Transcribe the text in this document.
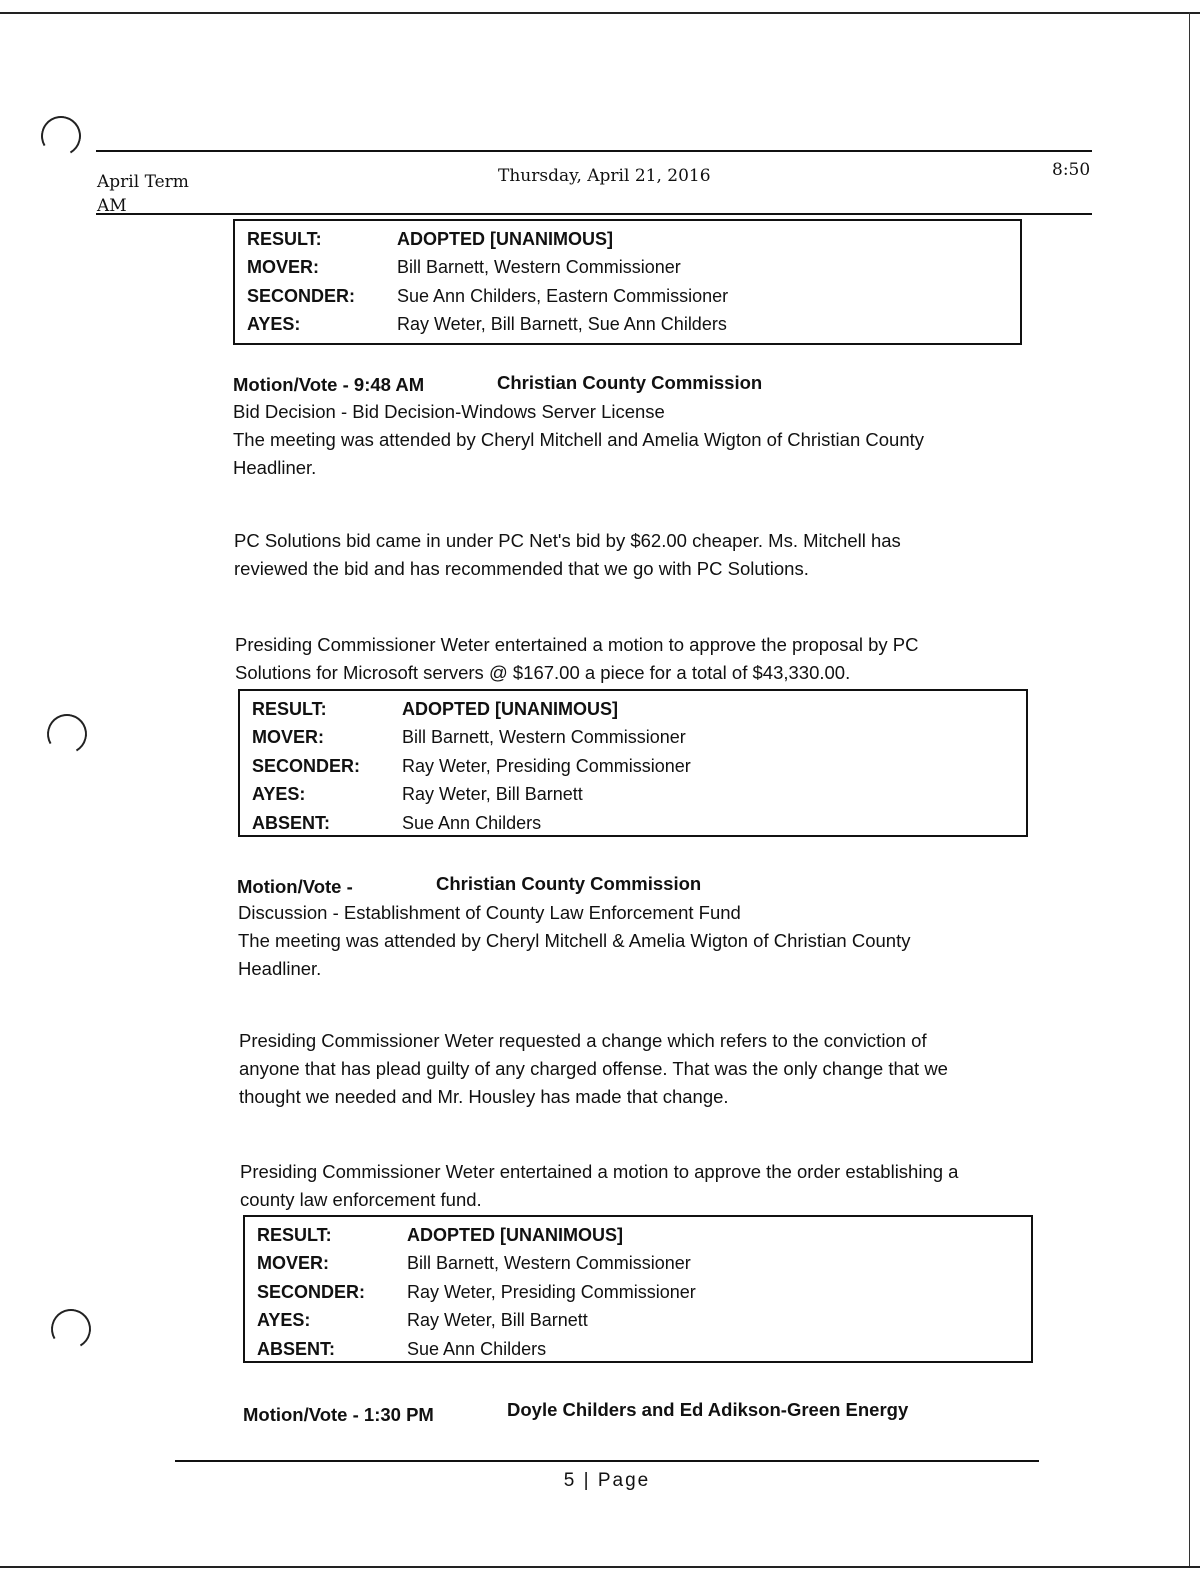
April Term
AM
Thursday, April 21, 2016	8:50
RESULT:	ADOPTED [UNANIMOUS]
MOVER:	Bill Barnett, Western Commissioner
SECONDER:	Sue Ann Childers, Eastern Commissioner
AYES:	Ray Weter, Bill Barnett, Sue Ann Childers
Motion/Vote - 9:48 AM	Christian County Commission
Bid Decision - Bid Decision-Windows Server License
The meeting was attended by Cheryl Mitchell and Amelia Wigton of Christian County
Headliner.
PC Solutions bid came in under PC Net's bid by $62.00 cheaper. Ms. Mitchell has
reviewed the bid and has recommended that we go with PC Solutions.
Presiding Commissioner Weter entertained a motion to approve the proposal by PC
Solutions for Microsoft servers @ $167.00 a piece for a total of $43,330.00.
RESULT:	ADOPTED [UNANIMOUS]
MOVER:	Bill Barnett, Western Commissioner
SECONDER:	Ray Weter, Presiding Commissioner
AYES:	Ray Weter, Bill Barnett
ABSENT:	Sue Ann Childers
Motion/Vote -	Christian County Commission
Discussion - Establishment of County Law Enforcement Fund
The meeting was attended by Cheryl Mitchell & Amelia Wigton of Christian County
Headliner.
Presiding Commissioner Weter requested a change which refers to the conviction of
anyone that has plead guilty of any charged offense. That was the only change that we
thought we needed and Mr. Housley has made that change.
Presiding Commissioner Weter entertained a motion to approve the order establishing a
county law enforcement fund.
RESULT:	ADOPTED [UNANIMOUS]
MOVER:	Bill Barnett, Western Commissioner
SECONDER:	Ray Weter, Presiding Commissioner
AYES:	Ray Weter, Bill Barnett
ABSENT:	Sue Ann Childers
Motion/Vote - 1:30 PM	Doyle Childers and Ed Adikson-Green Energy
5 | Page
